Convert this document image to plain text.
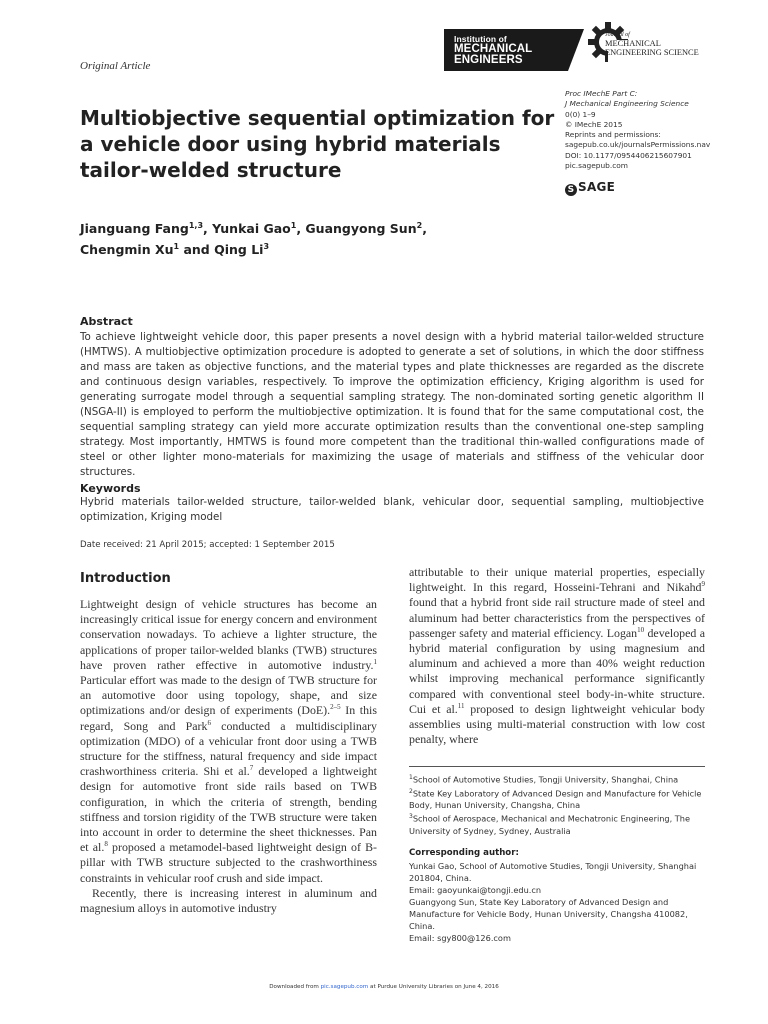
Original Article
Institution of
MECHANICAL
ENGINEERS
Journal of
MECHANICAL
ENGINEERING SCIENCE
Multiobjective sequential optimization for
a vehicle door using hybrid materials
tailor-welded structure
Proc IMechE Part C:
J Mechanical Engineering Science
0(0) 1–9
© IMechE 2015
Reprints and permissions:
sagepub.co.uk/journalsPermissions.nav
DOI: 10.1177/0954406215607901
pic.sagepub.com
S SAGE
Jianguang Fang$^{1,3}$, Yunkai Gao$^1$, Guangyong Sun$^2$,
Chengmin Xu$^1$ and Qing Li$^3$
Abstract
To achieve lightweight vehicle door, this paper presents a novel design with a hybrid material tailor-welded structure (HMTWS). A multiobjective optimization procedure is adopted to generate a set of solutions, in which the door stiffness and mass are taken as objective functions, and the material types and plate thicknesses are regarded as the discrete and continuous design variables, respectively. To improve the optimization efficiency, Kriging algorithm is used for generating surrogate model through a sequential sampling strategy. The non-dominated sorting genetic algorithm II (NSGA-II) is employed to perform the multiobjective optimization. It is found that for the same computational cost, the sequential sampling strategy can yield more accurate optimization results than the conventional one-step sampling strategy. Most importantly, HMTWS is found more competent than the traditional thin-walled configurations made of steel or other lighter mono-materials for maximizing the usage of materials and stiffness of the vehicular door structures.
Keywords
Hybrid materials tailor-welded structure, tailor-welded blank, vehicular door, sequential sampling, multiobjective optimization, Kriging model
Date received: 21 April 2015; accepted: 1 September 2015
Introduction

Lightweight design of vehicle structures has become an increasingly critical issue for energy concern and environment conservation nowadays. To achieve a lighter structure, the applications of proper tailor-welded blanks (TWB) structures have proven rather effective in automotive industry.$^1$ Particular effort was made to the design of TWB structure for an automotive door using topology, shape, and size optimizations and/or design of experiments (DoE).$^{2-5}$ In this regard, Song and Park$^6$ conducted a multidisciplinary optimization (MDO) of a vehicular front door using a TWB structure for the stiffness, natural frequency and side impact crashworthiness criteria. Shi et al.$^7$ developed a lightweight design for automotive front side rails based on TWB configuration, in which the criteria of strength, bending stiffness and torsion rigidity of the TWB structure were taken into account in order to determine the sheet thicknesses. Pan et al.$^8$ proposed a metamodel-based lightweight design of B-pillar with TWB structure subjected to the crashworthiness constraints in vehicular roof crush and side impact.

Recently, there is increasing interest in aluminum and magnesium alloys in automotive industry

attributable to their unique material properties, especially lightweight. In this regard, Hosseini-Tehrani and Nikahd$^9$ found that a hybrid front side rail structure made of steel and aluminum had better characteristics from the perspectives of passenger safety and material efficiency. Logan$^{10}$ developed a hybrid material configuration by using magnesium and aluminum and achieved a more than 40% weight reduction whilst improving mechanical performance significantly compared with conventional steel body-in-white structure. Cui et al.$^{11}$ proposed to design lightweight vehicular body assemblies using multi-material construction with low cost penalty, where

$^1$School of Automotive Studies, Tongji University, Shanghai, China

$^2$State Key Laboratory of Advanced Design and Manufacture for Vehicle Body, Hunan University, Changsha, China

$^3$School of Aerospace, Mechanical and Mechatronic Engineering, The University of Sydney, Sydney, Australia

Corresponding author:

Yunkai Gao, School of Automotive Studies, Tongji University, Shanghai 201804, China.

Email: gaoyunkai@tongji.edu.cn

Guangyong Sun, State Key Laboratory of Advanced Design and Manufacture for Vehicle Body, Hunan University, Changsha 410082, China.

Email: sgy800@126.com

Downloaded from pic.sagepub.com at Purdue University Libraries on June 4, 2016
